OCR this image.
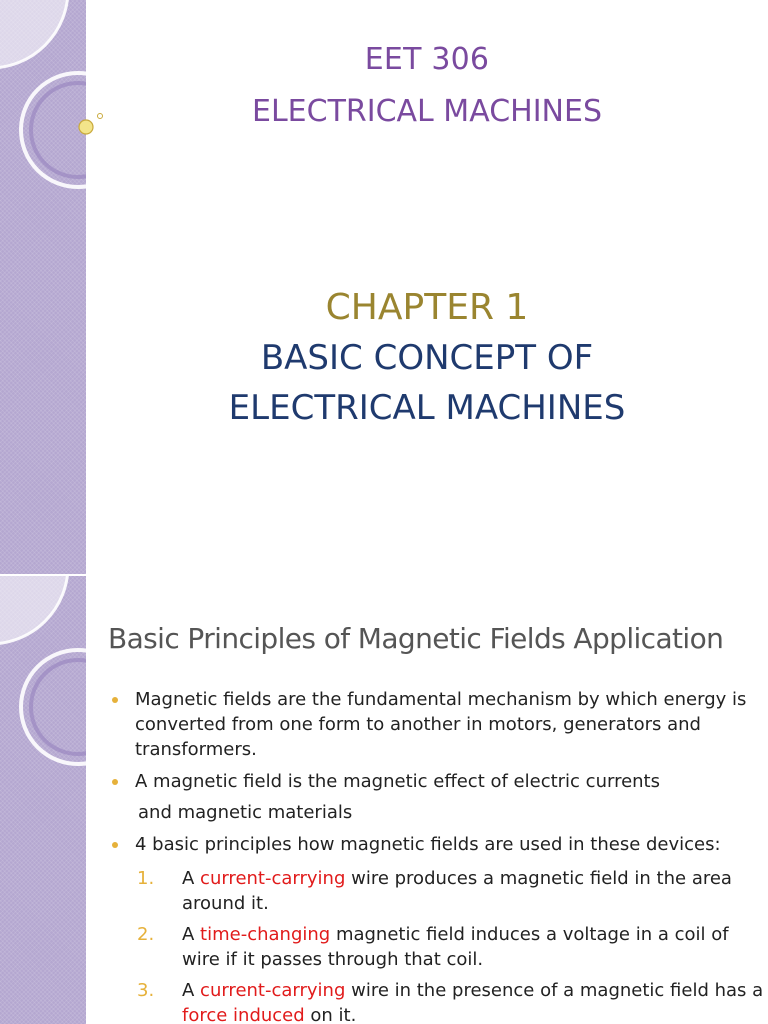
EET 306
ELECTRICAL MACHINES
CHAPTER 1
BASIC CONCEPT OF
ELECTRICAL MACHINES
Basic Principles of Magnetic Fields Application
Magnetic fields are the fundamental mechanism by which energy is converted from one form to another in motors, generators and transformers.
A magnetic field is the magnetic effect of electric currents
and magnetic materials
4 basic principles how magnetic fields are used in these devices:
1. A current-carrying wire produces a magnetic field in the area around it.
2. A time-changing magnetic field induces a voltage in a coil of wire if it passes through that coil.
3. A current-carrying wire in the presence of a magnetic field has a force induced on it.
